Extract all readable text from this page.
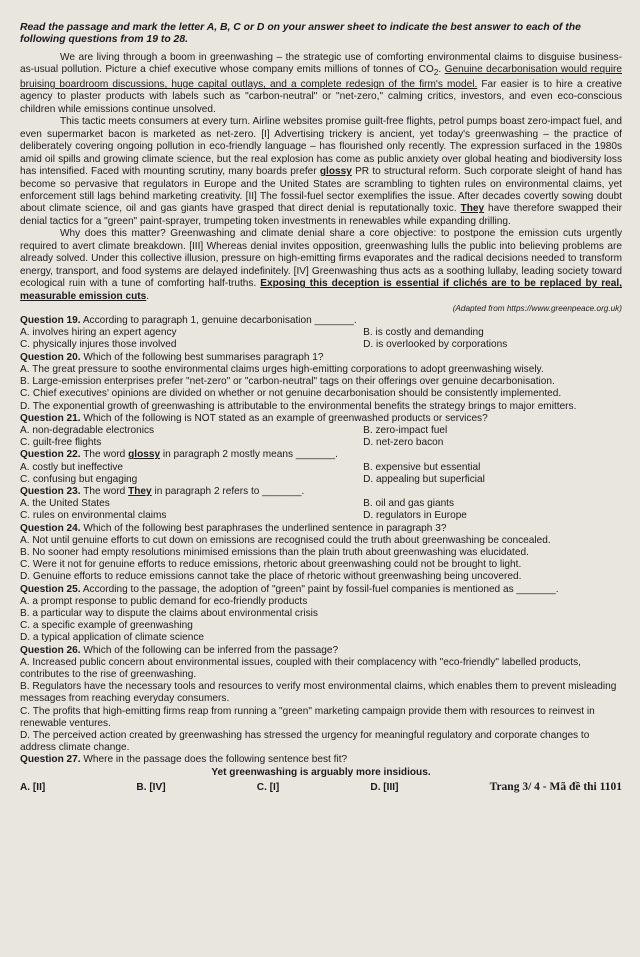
Read the passage and mark the letter A, B, C or D on your answer sheet to indicate the best answer to each of the following questions from 19 to 28.

We are living through a boom in greenwashing – the strategic use of comforting environmental claims to disguise business-as-usual pollution. Picture a chief executive whose company emits millions of tonnes of $CO_2$. Genuine decarbonisation would require bruising boardroom discussions, huge capital outlays, and a complete redesign of the firm's model. Far easier is to hire a creative agency to plaster products with labels such as "carbon-neutral" or "net-zero," calming critics, investors, and even eco-conscious children while emissions continue unsolved.

This tactic meets consumers at every turn. Airline websites promise guilt-free flights, petrol pumps boast zero-impact fuel, and even supermarket bacon is marketed as net-zero. [I] Advertising trickery is ancient, yet today's greenwashing – the practice of deliberately covering ongoing pollution in eco-friendly language – has flourished only recently. The expression surfaced in the 1980s amid oil spills and growing climate science, but the real explosion has come as public anxiety over global heating and biodiversity loss has intensified. Faced with mounting scrutiny, many boards prefer glossy PR to structural reform. Such corporate sleight of hand has become so pervasive that regulators in Europe and the United States are scrambling to tighten rules on environmental claims, yet enforcement still lags behind marketing creativity. [II] The fossil-fuel sector exemplifies the issue. After decades covertly sowing doubt about climate science, oil and gas giants have grasped that direct denial is reputationally toxic. They have therefore swapped their denial tactics for a "green" paint-sprayer, trumpeting token investments in renewables while expanding drilling.

Why does this matter? Greenwashing and climate denial share a core objective: to postpone the emission cuts urgently required to avert climate breakdown. [III] Whereas denial invites opposition, greenwashing lulls the public into believing problems are already solved. Under this collective illusion, pressure on high-emitting firms evaporates and the radical decisions needed to transform energy, transport, and food systems are delayed indefinitely. [IV] Greenwashing thus acts as a soothing lullaby, leading society toward ecological ruin with a tune of comforting half-truths. Exposing this deception is essential if clichés are to be replaced by real, measurable emission cuts.

(Adapted from https://www.greenpeace.org.uk)

Question 19. According to paragraph 1, genuine decarbonisation _______.

A. involves hiring an expert agency	B. is costly and demanding
C. physically injures those involved	D. is overlooked by corporations

Question 20. Which of the following best summarises paragraph 1?

A. The great pressure to soothe environmental claims urges high-emitting corporations to adopt greenwashing wisely.
B. Large-emission enterprises prefer "net-zero" or "carbon-neutral" tags on their offerings over genuine decarbonisation.
C. Chief executives' opinions are divided on whether or not genuine decarbonisation should be consistently implemented.
D. The exponential growth of greenwashing is attributable to the environmental benefits the strategy brings to major emitters.

Question 21. Which of the following is NOT stated as an example of greenwashed products or services?

A. non-degradable electronics	B. zero-impact fuel
C. guilt-free flights	D. net-zero bacon

Question 22. The word glossy in paragraph 2 mostly means _______.

A. costly but ineffective	B. expensive but essential
C. confusing but engaging	D. appealing but superficial

Question 23. The word They in paragraph 2 refers to _______.

A. the United States	B. oil and gas giants
C. rules on environmental claims	D. regulators in Europe

Question 24. Which of the following best paraphrases the underlined sentence in paragraph 3?

A. Not until genuine efforts to cut down on emissions are recognised could the truth about greenwashing be concealed.
B. No sooner had empty resolutions minimised emissions than the plain truth about greenwashing was elucidated.
C. Were it not for genuine efforts to reduce emissions, rhetoric about greenwashing could not be brought to light.
D. Genuine efforts to reduce emissions cannot take the place of rhetoric without greenwashing being uncovered.

Question 25. According to the passage, the adoption of "green" paint by fossil-fuel companies is mentioned as _______.

A. a prompt response to public demand for eco-friendly products
B. a particular way to dispute the claims about environmental crisis
C. a specific example of greenwashing
D. a typical application of climate science

Question 26. Which of the following can be inferred from the passage?

A. Increased public concern about environmental issues, coupled with their complacency with "eco-friendly" labelled products, contributes to the rise of greenwashing.
B. Regulators have the necessary tools and resources to verify most environmental claims, which enables them to prevent misleading messages from reaching everyday consumers.
C. The profits that high-emitting firms reap from running a "green" marketing campaign provide them with resources to reinvest in renewable ventures.
D. The perceived action created by greenwashing has stressed the urgency for meaningful regulatory and corporate changes to address climate change.

Question 27. Where in the passage does the following sentence best fit?

Yet greenwashing is arguably more insidious.
A. [II]	B. [IV]	C. [I]	D. [III]	Trang 3/ 4 - Mã đề thi 1101
